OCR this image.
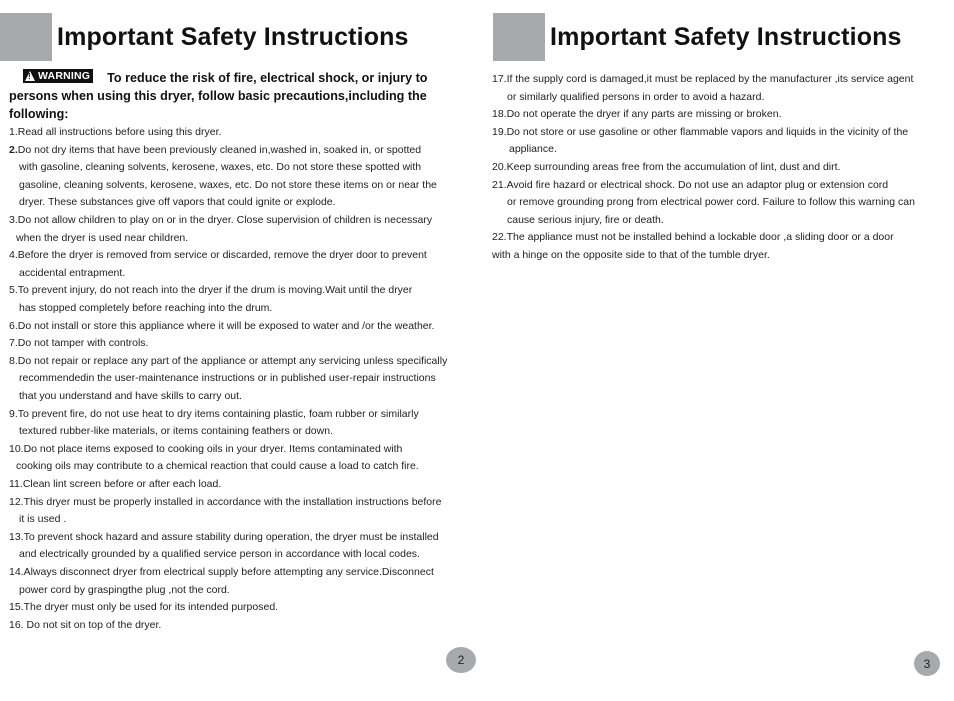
Important Safety Instructions
!
WARNING To reduce the risk of fire, electrical shock, or injury to persons when using this dryer, follow basic precautions,including the following:
1.Read all instructions before using this dryer.
2.Do not dry items that have been previously cleaned in,washed in, soaked in, or spotted
with gasoline, cleaning solvents, kerosene, waxes, etc. Do not store these spotted with
gasoline, cleaning solvents, kerosene, waxes, etc. Do not store these items on or near the
dryer. These substances give off vapors that could ignite or explode.
3.Do not allow children to play on or in the dryer. Close supervision of children is necessary
when the dryer is used near children.
4.Before the dryer is removed from service or discarded, remove the dryer door to prevent
accidental entrapment.
5.To prevent injury, do not reach into the dryer if the drum is moving.Wait until the dryer
has stopped completely before reaching into the drum.
6.Do not install or store this appliance where it will be exposed to water and /or the weather.
7.Do not tamper with controls.
8.Do not repair or replace any part of the appliance or attempt any servicing unless specifically
recommendedin the user-maintenance instructions or in published user-repair instructions
that you understand and have skills to carry out.
9.To prevent fire, do not use heat to dry items containing plastic, foam rubber or similarly
textured rubber-like materials, or items containing feathers or down.
10.Do not place items exposed to cooking oils in your dryer. Items contaminated with
cooking oils may contribute to a chemical reaction that could cause a load to catch fire.
11.Clean lint screen before or after each load.
12.This dryer must be properly installed in accordance with the installation instructions before
it is used .
13.To prevent shock hazard and assure stability during operation, the dryer must be installed
and electrically grounded by a qualified service person in accordance with local codes.
14.Always disconnect dryer from electrical supply before attempting any service.Disconnect
power cord by graspingthe plug ,not the cord.
15.The dryer must only be used for its intended purposed.
16. Do not sit on top of the dryer.
2
Important Safety Instructions
17.If the supply cord is damaged,it must be replaced by the manufacturer ,its service agent
or similarly qualified persons in order to avoid a hazard.
18.Do not operate the dryer if any parts are missing or broken.
19.Do not store or use gasoline or other flammable vapors and liquids in the vicinity of the
appliance.
20.Keep surrounding areas free from the accumulation of lint, dust and dirt.
21.Avoid fire hazard or electrical shock. Do not use an adaptor plug or extension cord
or remove grounding prong from electrical power cord. Failure to follow this warning can
cause serious injury, fire or death.
22.The appliance must not be installed behind a lockable door ,a sliding door or a door
with a hinge on the opposite side to that of the tumble dryer.
3
